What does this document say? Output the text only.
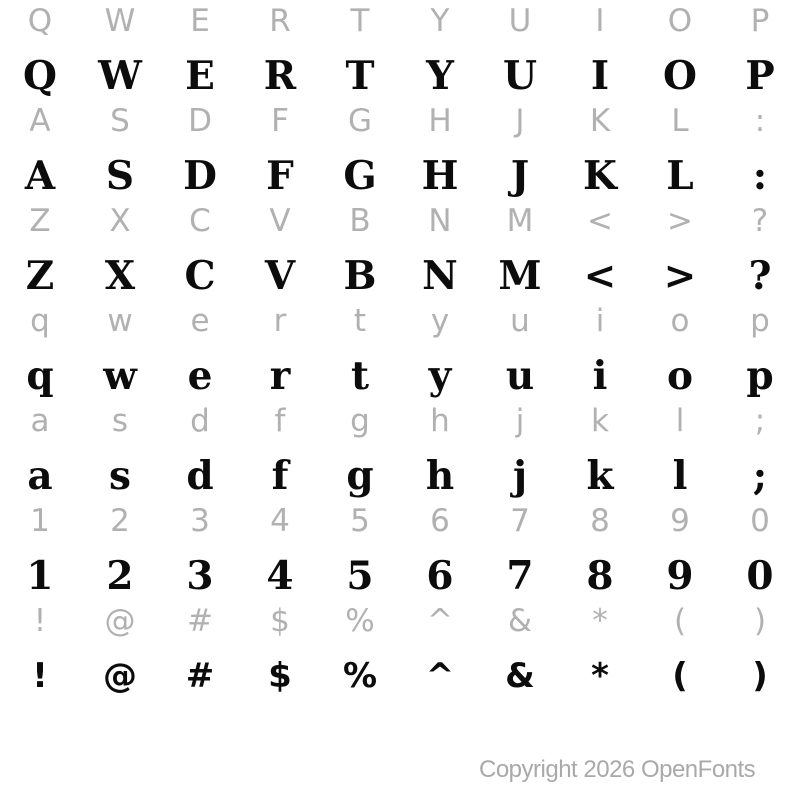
Q W E R T Y U I O P
Q W E R T Y U I O P
A S D F G H J K L :
A S D F G H J K L :
Z X C V B N M < > ?
Z X C V B N M < > ?
q w e r t y u i o p
q w e r t y u i o p
a s d f g h j k l ;
a s d f g h j k l ;
1 2 3 4 5 6 7 8 9 0
1 2 3 4 5 6 7 8 9 0
! @ # $ % ^ & * ( )
! @ # $ % ^ & * ( )
Copyright 2026 OpenFonts
